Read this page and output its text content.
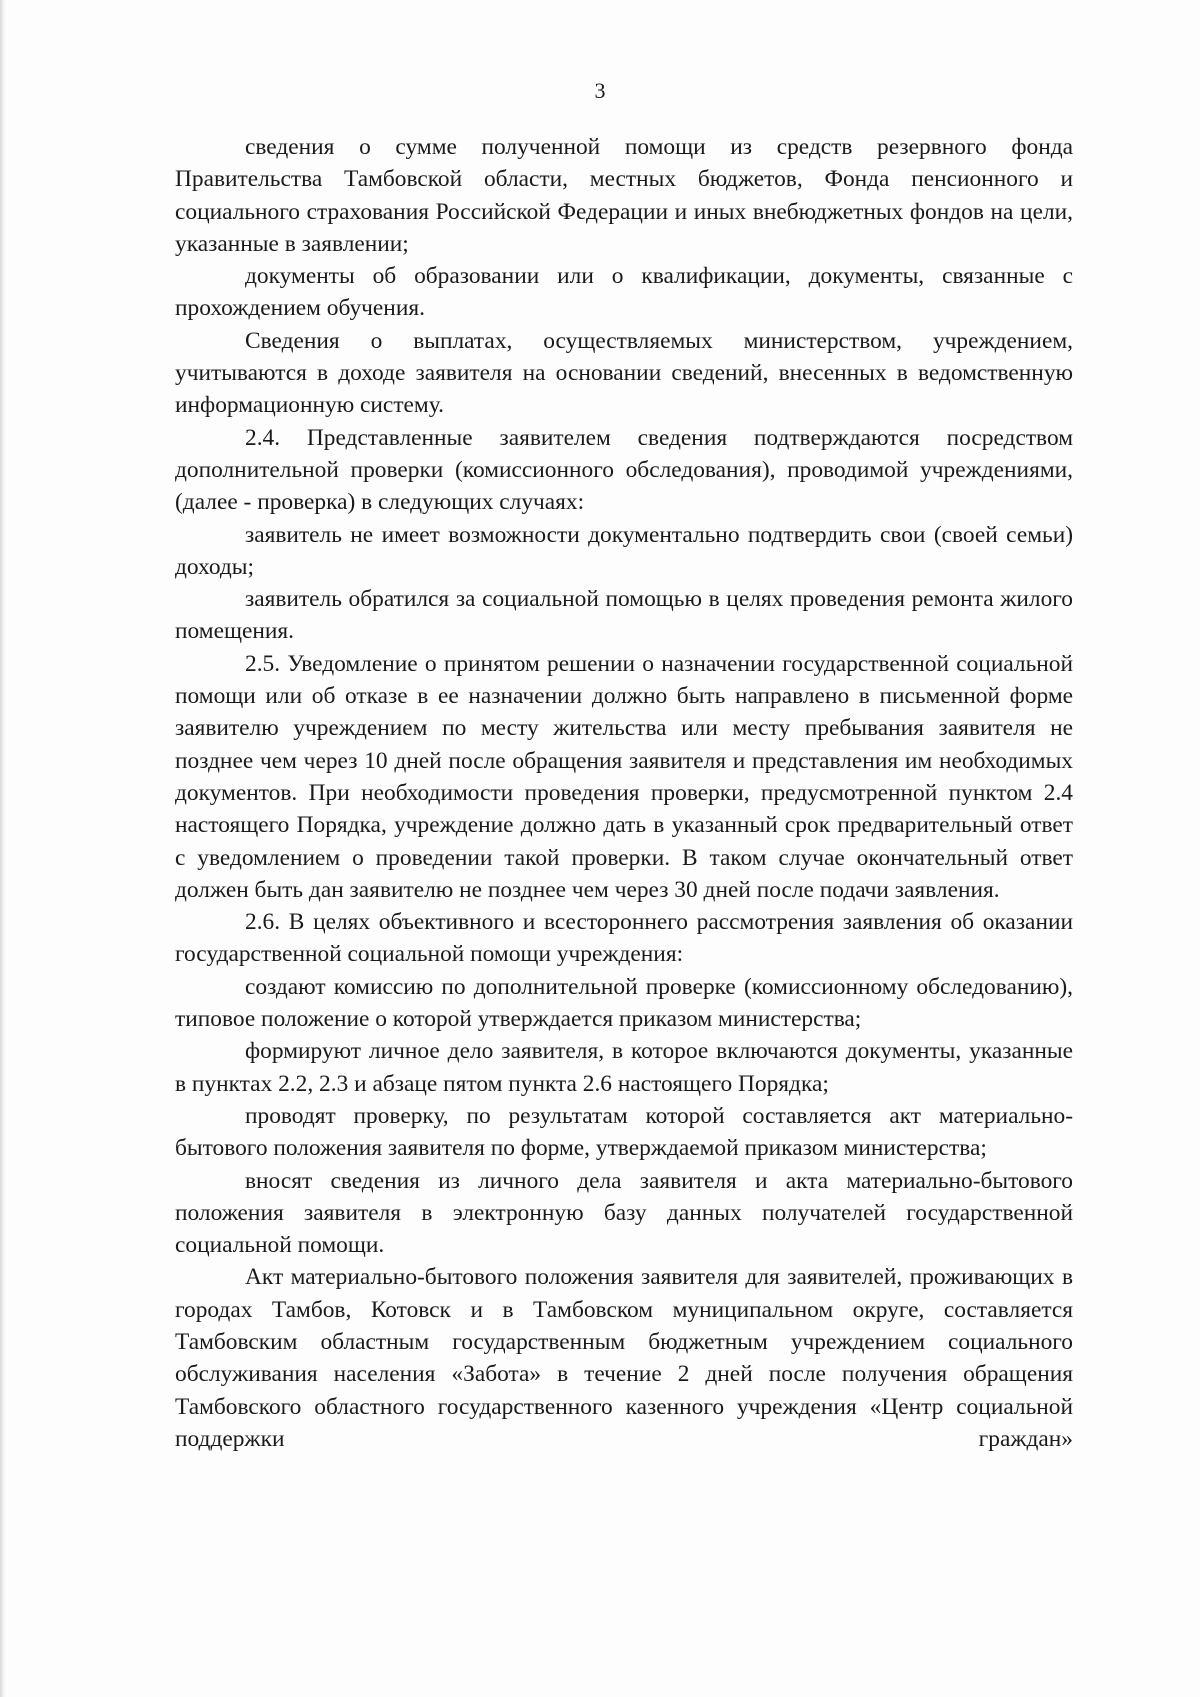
3

сведения о сумме полученной помощи из средств резервного фонда Правительства Тамбовской области, местных бюджетов, Фонда пенсионного и социального страхования Российской Федерации и иных внебюджетных фондов на цели, указанные в заявлении;

документы об образовании или о квалификации, документы, связанные с прохождением обучения.

Сведения о выплатах, осуществляемых министерством, учреждением, учитываются в доходе заявителя на основании сведений, внесенных в ведомственную информационную систему.

2.4. Представленные заявителем сведения подтверждаются посредством дополнительной проверки (комиссионного обследования), проводимой учреждениями, (далее - проверка) в следующих случаях:

заявитель не имеет возможности документально подтвердить свои (своей семьи) доходы;

заявитель обратился за социальной помощью в целях проведения ремонта жилого помещения.

2.5. Уведомление о принятом решении о назначении государственной социальной помощи или об отказе в ее назначении должно быть направлено в письменной форме заявителю учреждением по месту жительства или месту пребывания заявителя не позднее чем через 10 дней после обращения заявителя и представления им необходимых документов. При необходимости проведения проверки, предусмотренной пунктом 2.4 настоящего Порядка, учреждение должно дать в указанный срок предварительный ответ с уведомлением о проведении такой проверки. В таком случае окончательный ответ должен быть дан заявителю не позднее чем через 30 дней после подачи заявления.

2.6. В целях объективного и всестороннего рассмотрения заявления об оказании государственной социальной помощи учреждения:

создают комиссию по дополнительной проверке (комиссионному обследованию), типовое положение о которой утверждается приказом министерства;

формируют личное дело заявителя, в которое включаются документы, указанные в пунктах 2.2, 2.3 и абзаце пятом пункта 2.6 настоящего Порядка;

проводят проверку, по результатам которой составляется акт материально-бытового положения заявителя по форме, утверждаемой приказом министерства;

вносят сведения из личного дела заявителя и акта материально-бытового положения заявителя в электронную базу данных получателей государственной социальной помощи.

Акт материально-бытового положения заявителя для заявителей, проживающих в городах Тамбов, Котовск и в Тамбовском муниципальном округе, составляется Тамбовским областным государственным бюджетным учреждением социального обслуживания населения «Забота» в течение 2 дней после получения обращения Тамбовского областного государственного казенного учреждения «Центр социальной поддержки граждан»
